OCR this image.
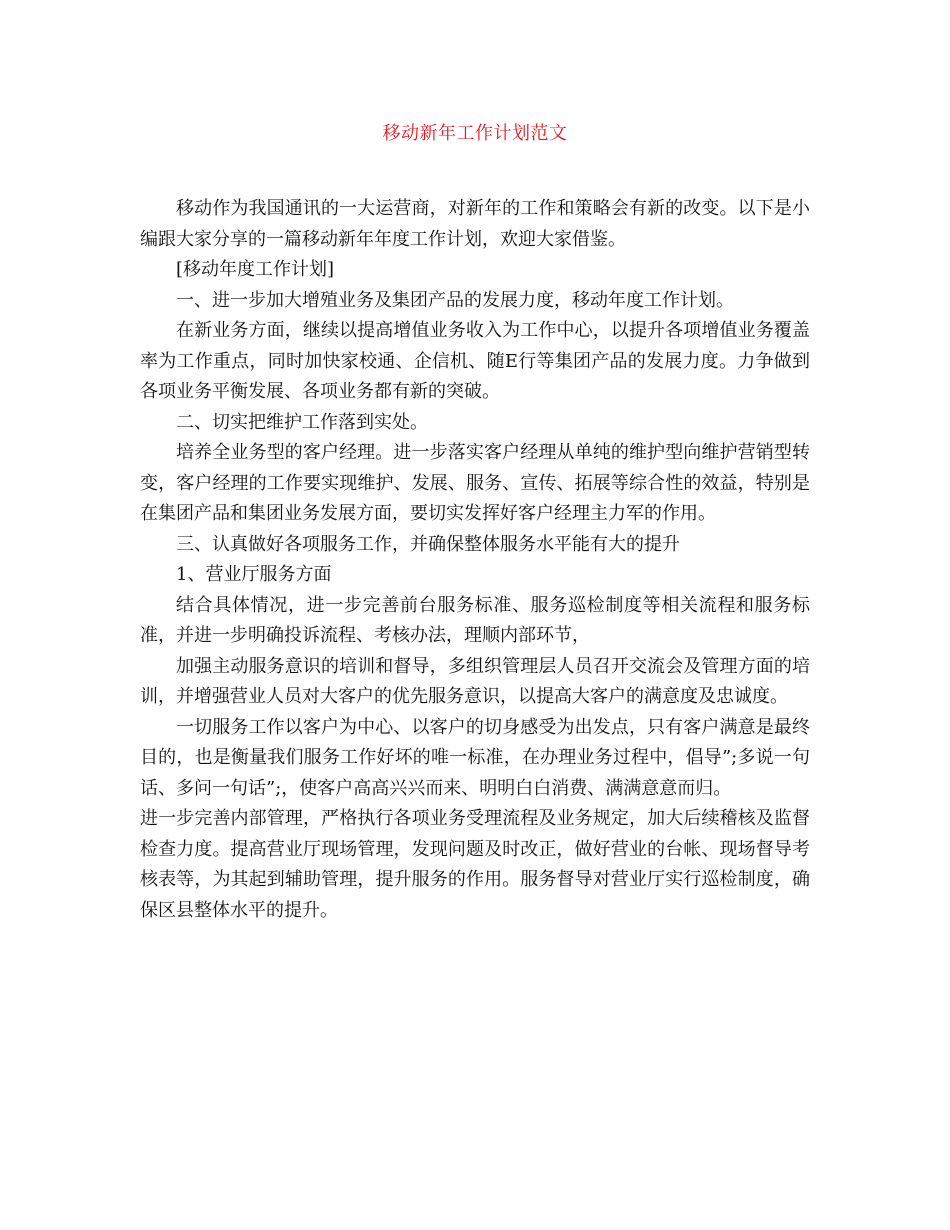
移动新年工作计划范文

移动作为我国通讯的一大运营商，对新年的工作和策略会有新的改变。以下是小编跟大家分享的一篇移动新年年度工作计划，欢迎大家借鉴。

[移动年度工作计划]

一、进一步加大增殖业务及集团产品的发展力度，移动年度工作计划。

在新业务方面，继续以提高增值业务收入为工作中心，以提升各项增值业务覆盖率为工作重点，同时加快家校通、企信机、随E行等集团产品的发展力度。力争做到各项业务平衡发展、各项业务都有新的突破。

二、切实把维护工作落到实处。

培养全业务型的客户经理。进一步落实客户经理从单纯的维护型向维护营销型转变，客户经理的工作要实现维护、发展、服务、宣传、拓展等综合性的效益，特别是在集团产品和集团业务发展方面，要切实发挥好客户经理主力军的作用。

三、认真做好各项服务工作，并确保整体服务水平能有大的提升

1、营业厅服务方面

结合具体情况，进一步完善前台服务标准、服务巡检制度等相关流程和服务标准，并进一步明确投诉流程、考核办法，理顺内部环节，

加强主动服务意识的培训和督导，多组织管理层人员召开交流会及管理方面的培训，并增强营业人员对大客户的优先服务意识，以提高大客户的满意度及忠诚度。

一切服务工作以客户为中心、以客户的切身感受为出发点，只有客户满意是最终目的，也是衡量我们服务工作好坏的唯一标准，在办理业务过程中，倡导”;多说一句话、多问一句话”;，使客户高高兴兴而来、明明白白消费、满满意意而归。

进一步完善内部管理，严格执行各项业务受理流程及业务规定，加大后续稽核及监督检查力度。提高营业厅现场管理，发现问题及时改正，做好营业的台帐、现场督导考核表等，为其起到辅助管理，提升服务的作用。服务督导对营业厅实行巡检制度，确保区县整体水平的提升。
